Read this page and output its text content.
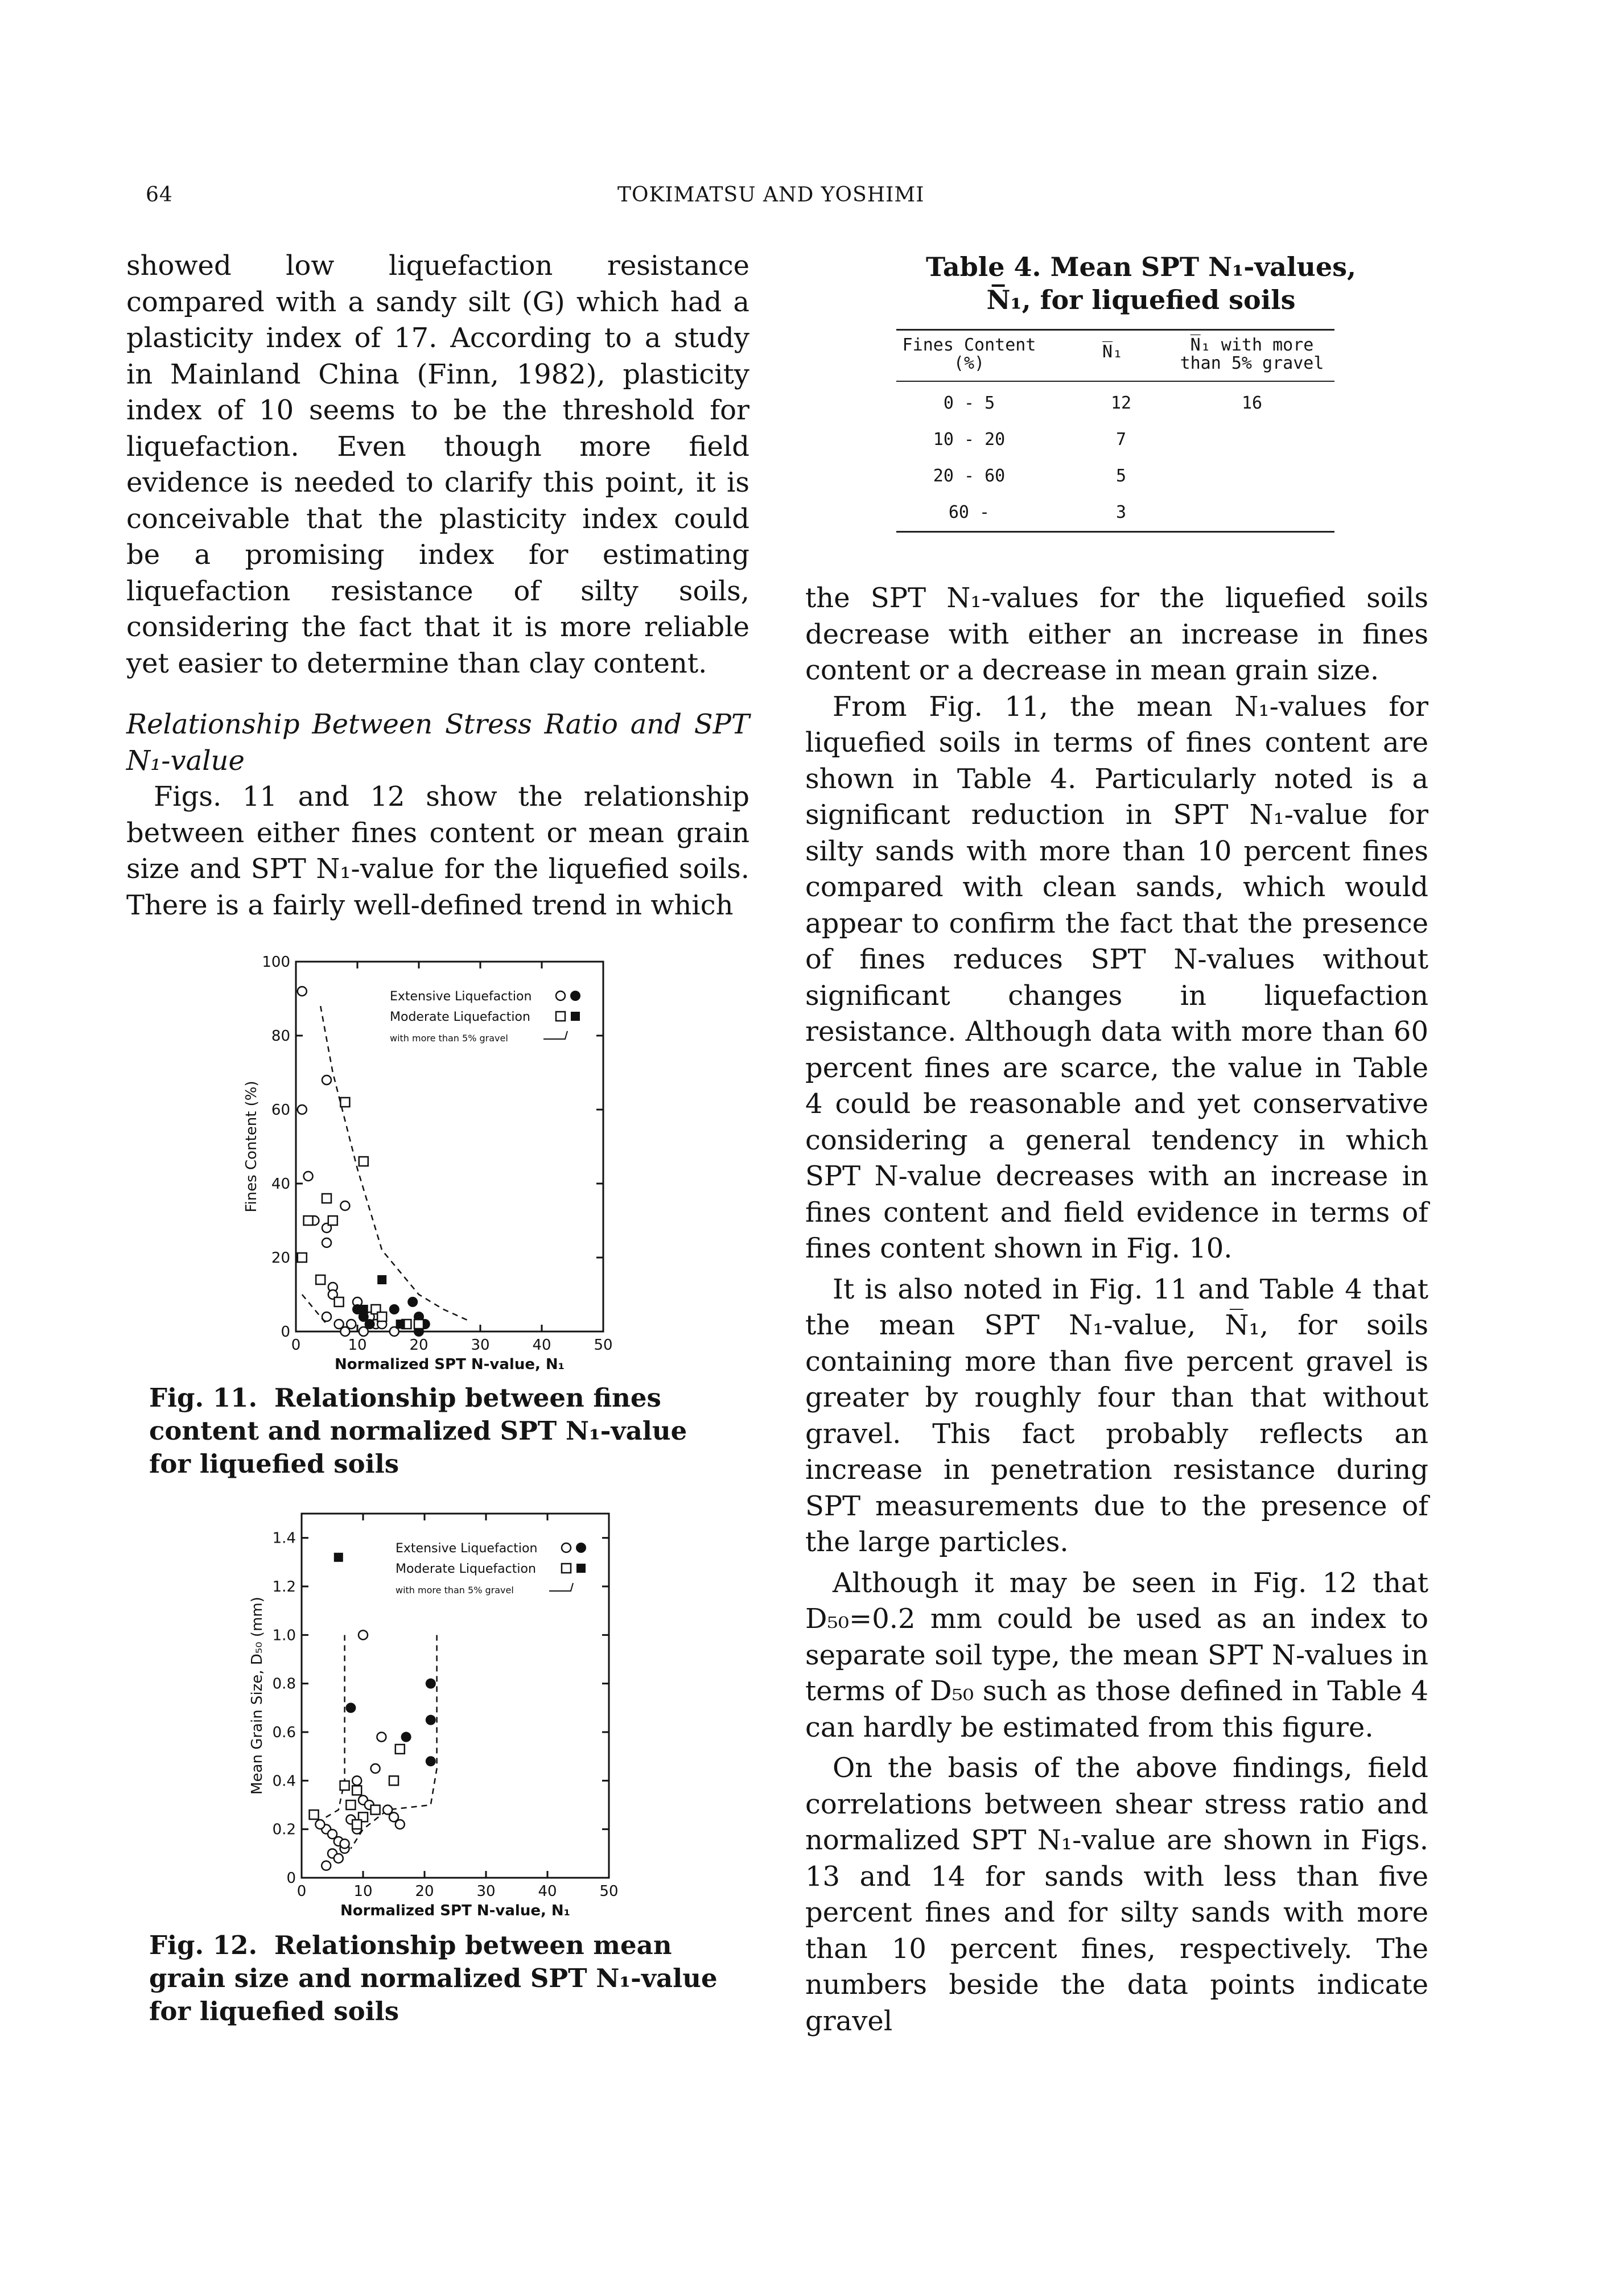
64	TOKIMATSU AND YOSHIMI

showed low liquefaction resistance compared with a sandy silt (G) which had a plasticity index of 17. According to a study in Mainland China (Finn, 1982), plasticity index of 10 seems to be the threshold for liquefaction. Even though more field evidence is needed to clarify this point, it is conceivable that the plasticity index could be a promising index for estimating liquefaction resistance of silty soils, considering the fact that it is more reliable yet easier to determine than clay content.

Relationship Between Stress Ratio and SPT N₁-value

Figs. 11 and 12 show the relationship between either fines content or mean grain size and SPT N₁-value for the liquefied soils. There is a fairly well-defined trend in which

0	10	20	30	40	50
0
20
40
60
80
100
Normalized SPT N-value, N₁
Fines Content (%)
Extensive Liquefaction
Moderate Liquefaction
with more than 5% gravel
Fig. 11. Relationship between fines content and normalized SPT N₁-value for liquefied soils
0	10	20	30	40	50
0
0.2
0.4
0.6
0.8
1.0
1.2
1.4
Normalized SPT N-value, N₁
Mean Grain Size, D₅₀ (mm)
Extensive Liquefaction
Moderate Liquefaction
with more than 5% gravel
Fig. 12. Relationship between mean grain size and normalized SPT N₁-value for liquefied soils
Table 4. Mean SPT N₁-values,
N̅₁, for liquefied soils
Fines Content
(%)
N̅₁	N̅₁ with more
than 5% gravel
0 - 5	12	16
10 - 20	7
20 - 60	5
60 -	3

the SPT N₁-values for the liquefied soils decrease with either an increase in fines content or a decrease in mean grain size.

From Fig. 11, the mean N₁-values for liquefied soils in terms of fines content are shown in Table 4. Particularly noted is a significant reduction in SPT N₁-value for silty sands with more than 10 percent fines compared with clean sands, which would appear to confirm the fact that the presence of fines reduces SPT N-values without significant changes in liquefaction resistance. Although data with more than 60 percent fines are scarce, the value in Table 4 could be reasonable and yet conservative considering a general tendency in which SPT N-value decreases with an increase in fines content and field evidence in terms of fines content shown in Fig. 10.

It is also noted in Fig. 11 and Table 4 that the mean SPT N₁-value, N̅₁, for soils containing more than five percent gravel is greater by roughly four than that without gravel. This fact probably reflects an increase in penetration resistance during SPT measurements due to the presence of the large particles.

Although it may be seen in Fig. 12 that D₅₀=0.2 mm could be used as an index to separate soil type, the mean SPT N-values in terms of D₅₀ such as those defined in Table 4 can hardly be estimated from this figure.

On the basis of the above findings, field correlations between shear stress ratio and normalized SPT N₁-value are shown in Figs. 13 and 14 for sands with less than five percent fines and for silty sands with more than 10 percent fines, respectively. The numbers beside the data points indicate gravel
